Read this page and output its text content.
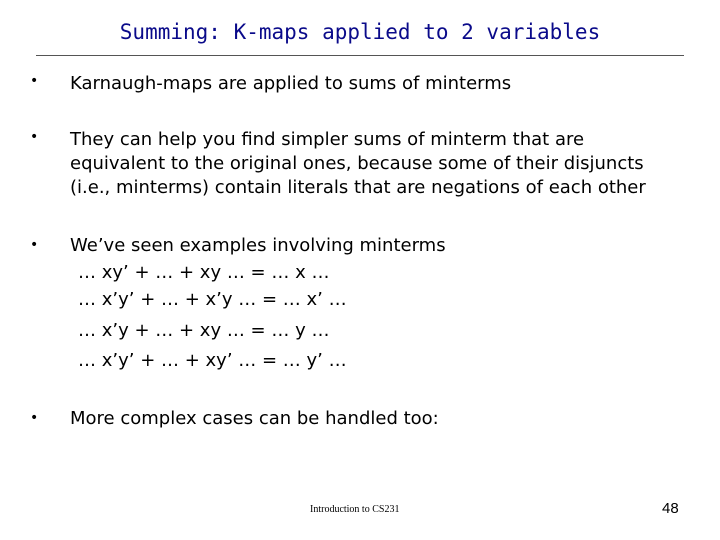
Summing: K-maps applied to 2 variables
• Karnaugh-maps are applied to sums of minterms
• They can help you find simpler sums of minterm that are
equivalent to the original ones, because some of their disjuncts
(i.e., minterms) contain literals that are negations of each other
• We’ve seen examples involving minterms
… xy’ + … + xy … = … x …
… x’y’ + … + x’y … = … x’ …
… x’y + … + xy … = … y …
… x’y’ + … + xy’ … = … y’ …
• More complex cases can be handled too:
Introduction to CS231	48
